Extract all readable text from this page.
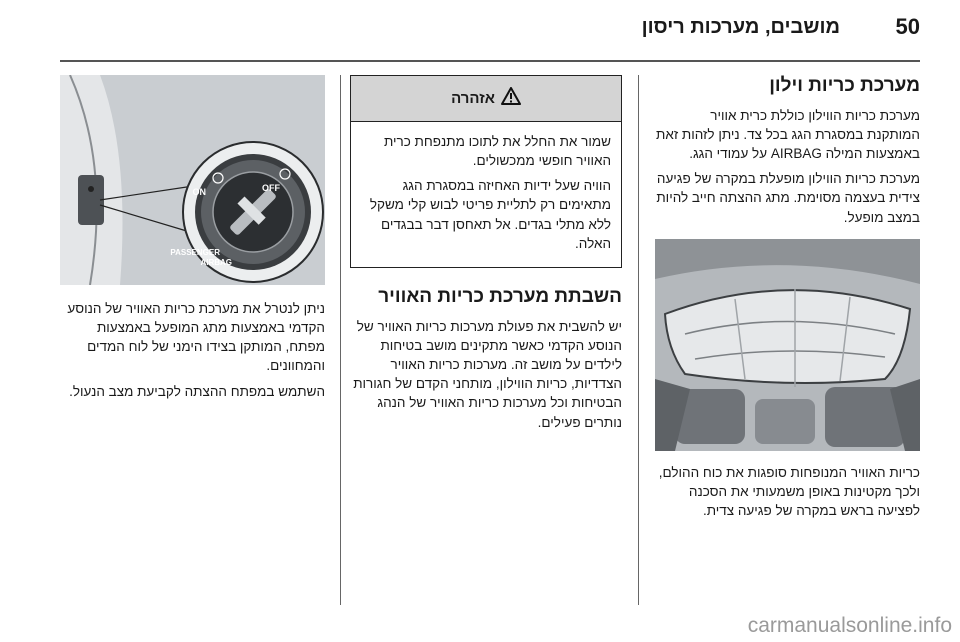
50
מושבים, מערכות ריסון
מערכת כריות וילון

מערכת כריות הווילון כוללת כרית אוויר המותקנת במסגרת הגג בכל צד. ניתן לזהות זאת באמצעות המילה AIRBAG על עמודי הגג.

מערכת כריות הווילון מופעלת במקרה של פגיעה צידית בעצמה מסוימת. מתג ההצתה חייב להיות במצב מופעל.

כריות האוויר המנופחות סופגות את כוח ההולם, ולכך מקטינות באופן משמעותי את הסכנה לפציעה בראש במקרה של פגיעה צדית.

אזהרה

שמור את החלל את לתוכו מתנפחת כרית האוויר חופשי ממכשולים.

הוויה שעל ידיות האחיזה במסגרת הגג מתאימים רק לתליית פריטי לבוש קלי משקל ללא מתלי בגדים. אל תאחסן דבר בבגדים האלה.

השבתת מערכת כריות האוויר

יש להשבית את פעולת מערכות כריות האוויר של הנוסע הקדמי כאשר מתקינים מושב בטיחות לילדים על מושב זה. מערכות כריות האוויר הצדדיות, כריות הווילון, מותחני הקדם של חגורות הבטיחות וכל מערכות כריות האוויר של הנהג נותרים פעילים.

ON	OFF
PASSENGER
AIRBAG

ניתן לנטרל את מערכת כריות האוויר של הנוסע הקדמי באמצעות מתג המופעל באמצעות מפתח, המותקן בצידו הימני של לוח המדים והמחוונים.

השתמש במפתח ההצתה לקביעת מצב הנעול.

carmanualsonline.info
